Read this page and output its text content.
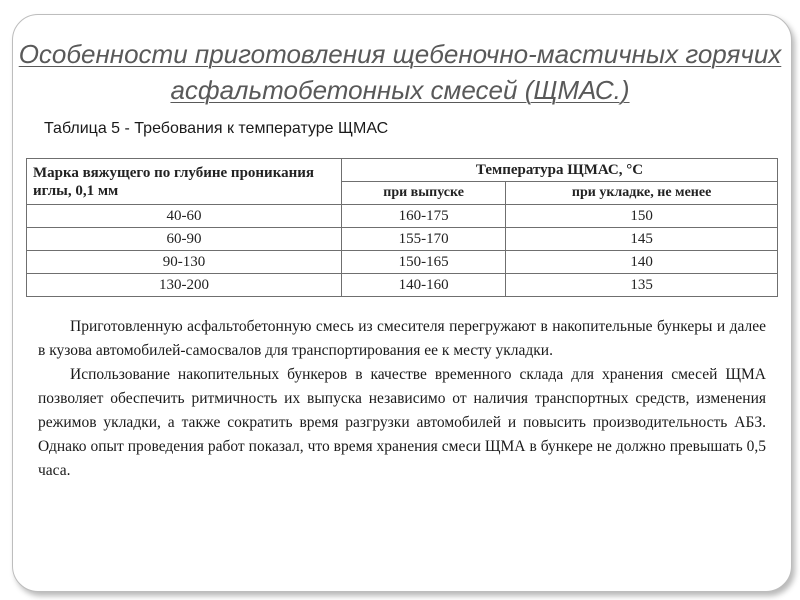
Особенности приготовления щебеночно-мастичных горячих асфальтобетонных смесей (ЩМАС.)
Таблица 5 - Требования к температуре ЩМАС
Марка вяжущего по глубине проникания иглы, 0,1 мм	Температура ЩМАС, °С	
	при выпуске	при укладке, не менее
40-60	160-175	150
60-90	155-170	145
90-130	150-165	140
130-200	140-160	135

Приготовленную асфальтобетонную смесь из смесителя перегружают в накопительные бункеры и далее в кузова автомобилей-самосвалов для транспортирования ее к месту укладки.

Использование накопительных бункеров в качестве временного склада для хранения смесей ЩМА позволяет обеспечить ритмичность их выпуска независимо от наличия транспортных средств, изменения режимов укладки, а также сократить время разгрузки автомобилей и повысить производительность АБЗ. Однако опыт проведения работ показал, что время хранения смеси ЩМА в бункере не должно превышать 0,5 часа.
